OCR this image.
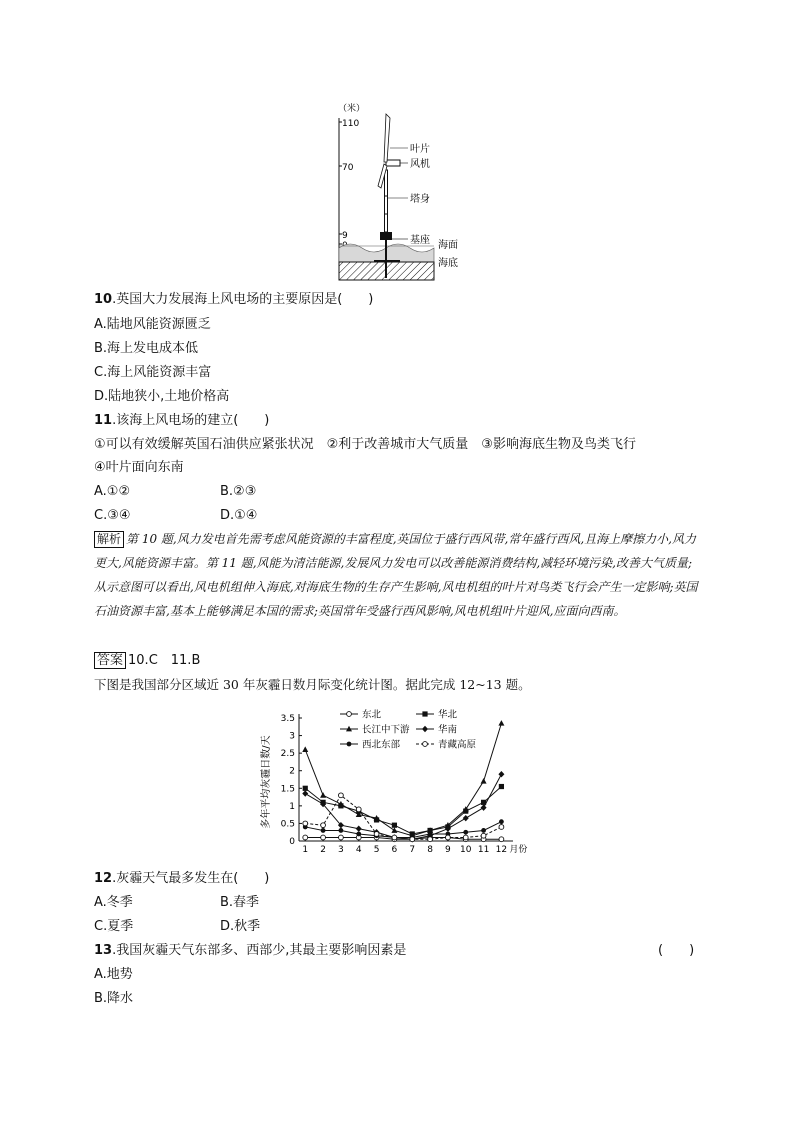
（米）
110
70
9
叶片
风机
塔身
基座 海面
海底
10.英国大力发展海上风电场的主要原因是(　　)
A.陆地风能资源匮乏
B.海上发电成本低
C.海上风能资源丰富
D.陆地狭小,土地价格高
11.该海上风电场的建立(　　)
①可以有效缓解英国石油供应紧张状况　②利于改善城市大气质量　③影响海底生物及鸟类飞行
④叶片面向东南
A.①②	B.②③
C.③④	D.①④
解析 第 10 题,风力发电首先需考虑风能资源的丰富程度,英国位于盛行西风带,常年盛行西风,且海上摩擦力小,风力更大,风能资源丰富。第 11 题,风能为清洁能源,发展风力发电可以改善能源消费结构,减轻环境污染,改善大气质量;从示意图可以看出,风电机组伸入海底,对海底生物的生存产生影响,风电机组的叶片对鸟类飞行会产生一定影响;英国石油资源丰富,基本上能够满足本国的需求;英国常年受盛行西风影响,风电机组叶片迎风,应面向西南。
答案 10.C　11.B
下图是我国部分区域近 30 年灰霾日数月际变化统计图。据此完成 12~13 题。
多年平均灰霾日数/天
0
0.5
1
1.5
2
2.5
3
3.5
1 2 3 4 5 6 7 8 9 10 11 12 月份
东北	华北
长江中下游	华南
西北东部	青藏高原
12.灰霾天气最多发生在(　　)
A.冬季	B.春季
C.夏季	D.秋季
13.我国灰霾天气东部多、西部少,其最主要影响因素是	(　　)
A.地势
B.降水
